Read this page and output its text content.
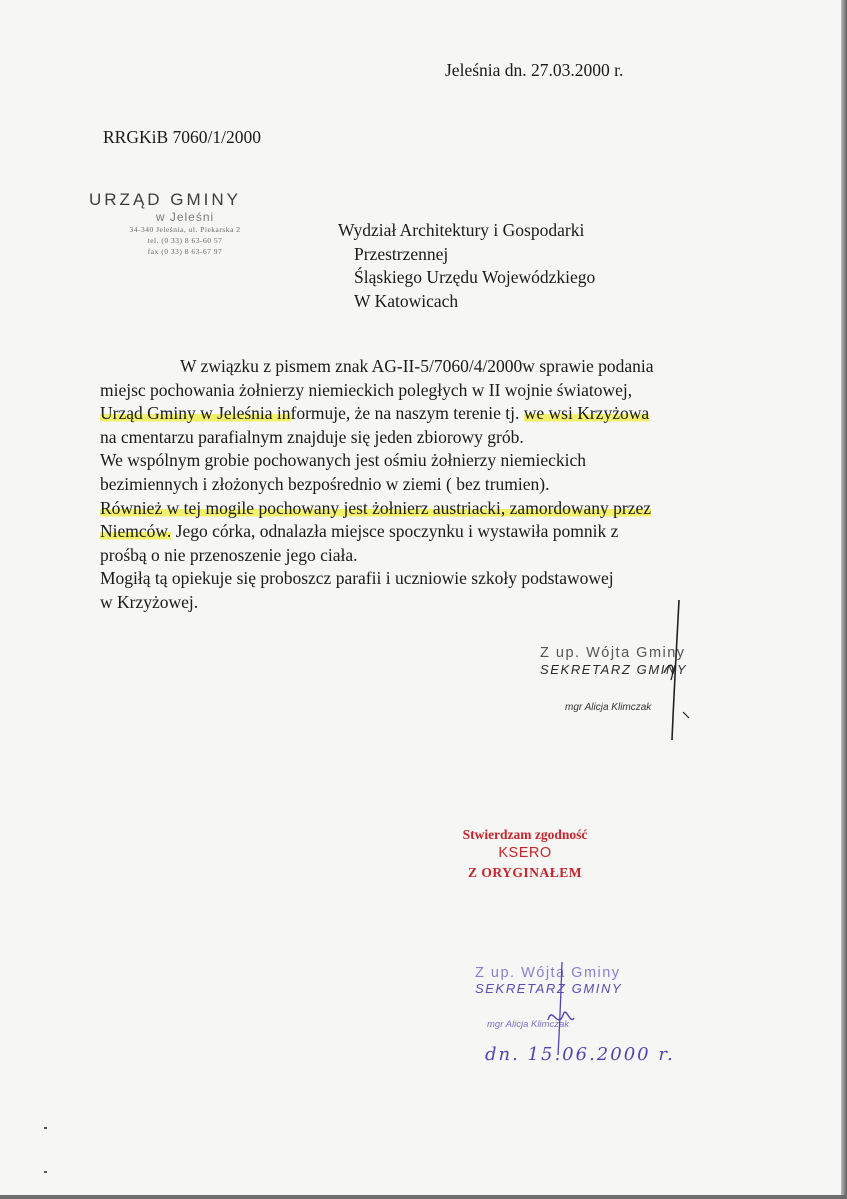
Jeleśnia dn. 27.03.2000 r.
RRGKiB 7060/1/2000
URZĄD GMINY
w Jeleśni
34-340 Jeleśnia, ul. Piekarska 2
tel. (0 33) 8 63-60 57
fax (0 33) 8 63-67 97
Wydział Architektury i Gospodarki
Przestrzennej
Śląskiego Urzędu Wojewódzkiego
W Katowicach
W związku z pismem znak AG-II-5/7060/4/2000w sprawie podania
miejsc pochowania żołnierzy niemieckich poległych w II wojnie światowej,
Urząd Gminy w Jeleśnia informuje, że na naszym terenie tj. we wsi Krzyżowa
na cmentarzu parafialnym znajduje się jeden zbiorowy grób.
We wspólnym grobie pochowanych jest ośmiu żołnierzy niemieckich
bezimiennych i złożonych bezpośrednio w ziemi ( bez trumien).
Również w tej mogile pochowany jest żołnierz austriacki, zamordowany przez
Niemców. Jego córka, odnalazła miejsce spoczynku i wystawiła pomnik z
prośbą o nie przenoszenie jego ciała.
Mogiłą tą opiekuje się proboszcz parafii i uczniowie szkoły podstawowej
w Krzyżowej.
Z up. Wójta Gminy
SEKRETARZ GMINY
mgr Alicja Klimczak
Stwierdzam zgodność
KSERO
Z ORYGINAŁEM
Z up. Wójta Gminy
SEKRETARZ GMINY
mgr Alicja Klimczak
dn. 15.06.2000 r.
